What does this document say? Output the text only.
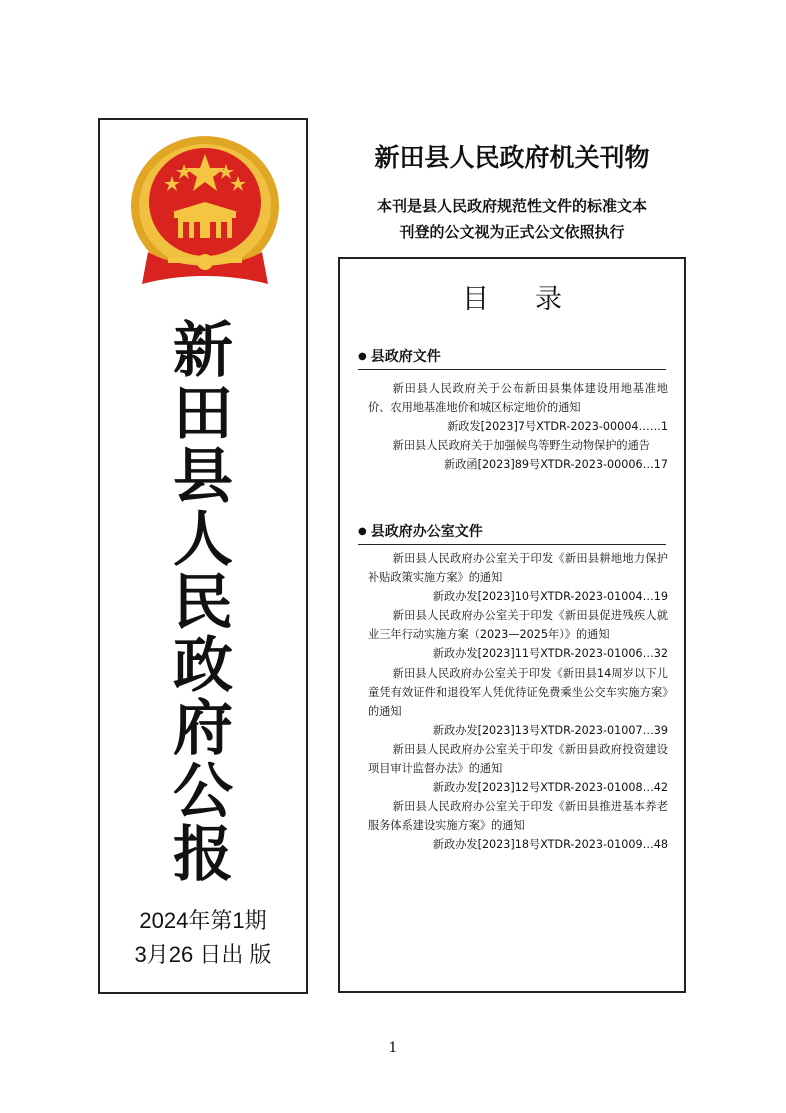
新
田
县
人
民
政
府
公
报
2024年第1期
3月26 日出 版
新田县人民政府机关刊物
本刊是县人民政府规范性文件的标准文本
刊登的公文视为正式公文依照执行
目录
● 县政府文件
新田县人民政府关于公布新田县集体建设用地基准地价、农用地基准地价和城区标定地价的通知
新政发[2023]7号XTDR-2023-00004……1
新田县人民政府关于加强候鸟等野生动物保护的通告
新政函[2023]89号XTDR-2023-00006…17
● 县政府办公室文件
新田县人民政府办公室关于印发《新田县耕地地力保护补贴政策实施方案》的通知
新政办发[2023]10号XTDR-2023-01004…19
新田县人民政府办公室关于印发《新田县促进残疾人就业三年行动实施方案（2023—2025年）》的通知
新政办发[2023]11号XTDR-2023-01006…32
新田县人民政府办公室关于印发《新田县14周岁以下儿童凭有效证件和退役军人凭优待证免费乘坐公交车实施方案》的通知
新政办发[2023]13号XTDR-2023-01007…39
新田县人民政府办公室关于印发《新田县政府投资建设项目审计监督办法》的通知
新政办发[2023]12号XTDR-2023-01008…42
新田县人民政府办公室关于印发《新田县推进基本养老服务体系建设实施方案》的通知
新政办发[2023]18号XTDR-2023-01009…48
1
